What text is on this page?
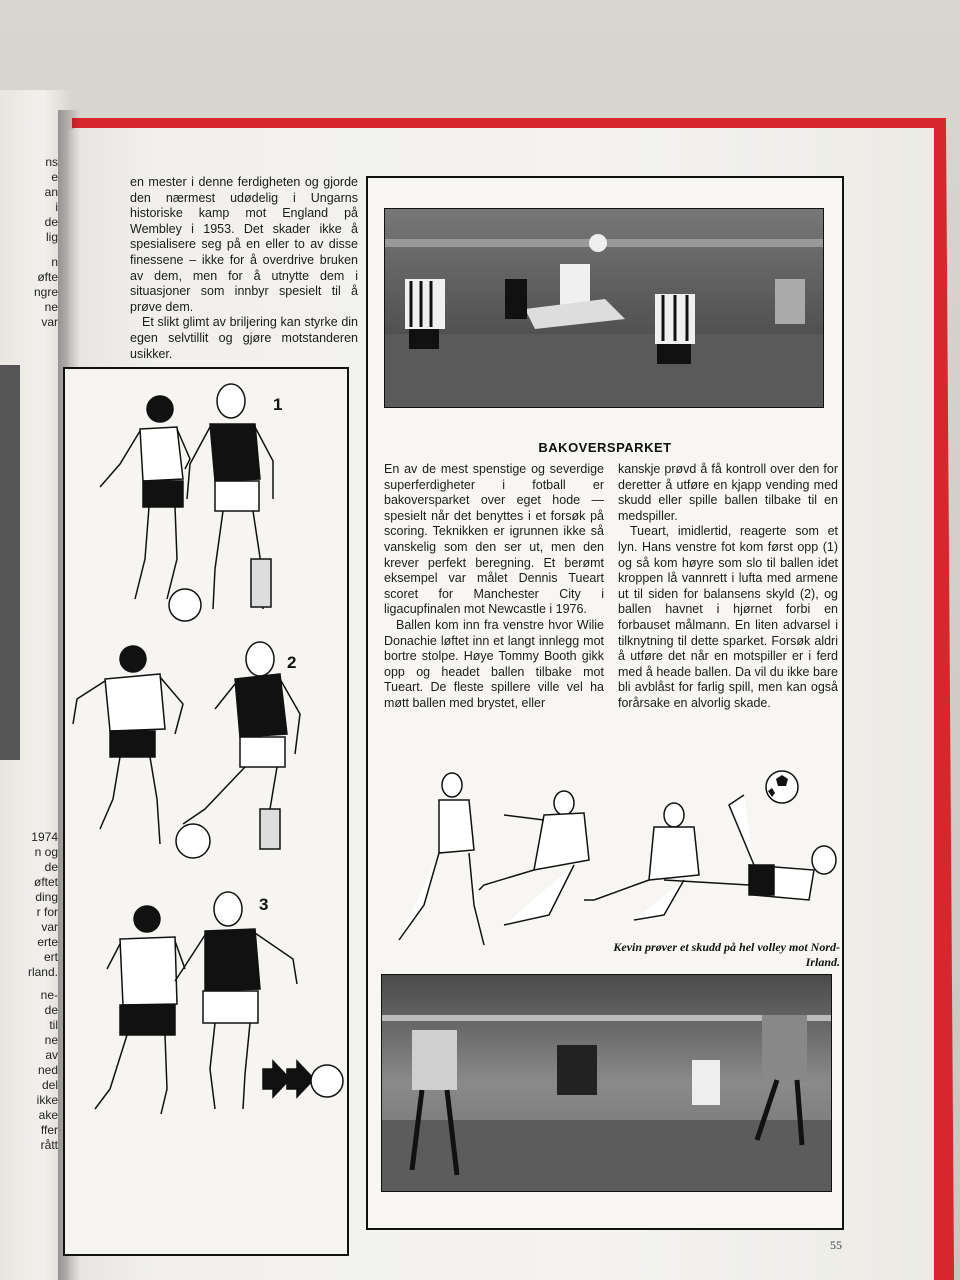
ns
e
an
i
de
lig
n
øfte
ngre
ne
var
1974
n og
de
øftet
ding
r for
var
erte
ert
rland.
ne-
de
til
ne
av
ned
del
ikke
ake
ffer
rått

en mester i denne ferdigheten og gjorde den nærmest udødelig i Ungarns historiske kamp mot England på Wembley i 1953. Det skader ikke å spesialisere seg på en eller to av disse finessene – ikke for å overdrive bruken av dem, men for å utnytte dem i situasjoner som innbyr spesielt til å prøve dem.

Et slikt glimt av briljering kan styrke din egen selvtillit og gjøre motstanderen usikker.

1
2
3
BAKOVERSPARKET

En av de mest spenstige og severdige superferdigheter i fotball er bakoversparket over eget hode — spesielt når det benyttes i et forsøk på scoring. Teknikken er igrunnen ikke så vanskelig som den ser ut, men den krever perfekt beregning. Et berømt eksempel var målet Dennis Tueart scoret for Manchester City i ligacupfinalen mot Newcastle i 1976.

Ballen kom inn fra venstre hvor Wilie Donachie løftet inn et langt innlegg mot bortre stolpe. Høye Tommy Booth gikk opp og headet ballen tilbake mot Tueart. De fleste spillere ville vel ha møtt ballen med brystet, eller

kanskje prøvd å få kontroll over den for deretter å utføre en kjapp vending med skudd eller spille ballen tilbake til en medspiller.

Tueart, imidlertid, reagerte som et lyn. Hans venstre fot kom først opp (1) og så kom høyre som slo til ballen idet kroppen lå vannrett i lufta med armene ut til siden for balansens skyld (2), og ballen havnet i hjørnet forbi en forbauset målmann. En liten advarsel i tilknytning til dette sparket. Forsøk aldri å utføre det når en motspiller er i ferd med å heade ballen. Da vil du ikke bare bli avblåst for farlig spill, men kan også forårsake en alvorlig skade.

Kevin prøver et skudd på hel volley mot Nord-Irland.
55
